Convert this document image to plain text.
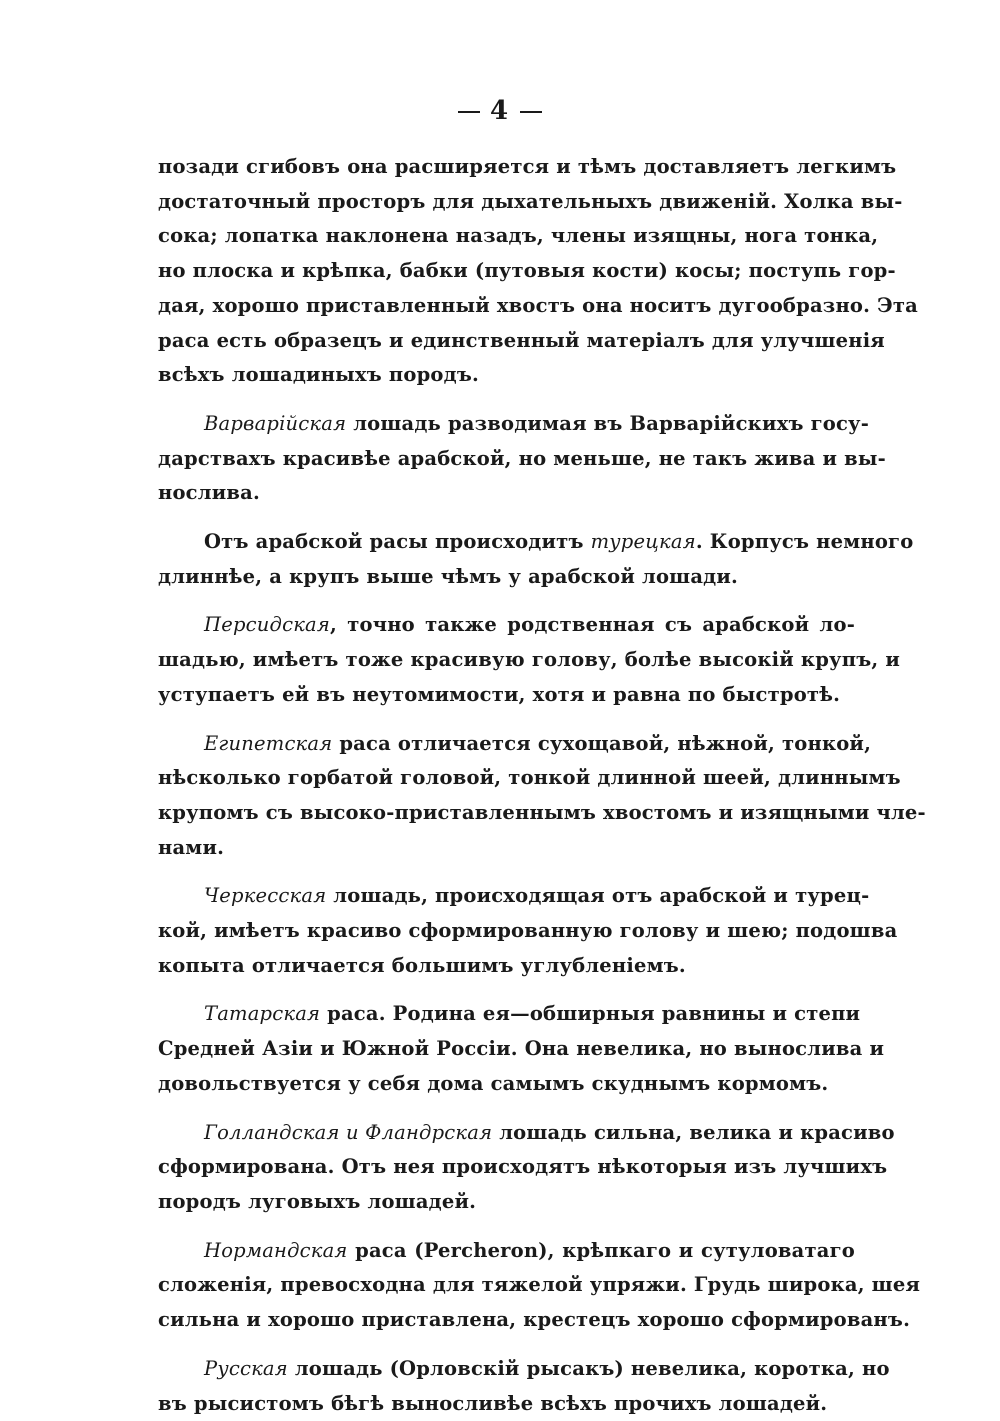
4
позади сгибовъ она расширяется и тѣмъ доставляетъ легкимъ
достаточный просторъ для дыхательныхъ движеній. Холка вы-
сока; лопатка наклонена назадъ, члены изящны, нога тонка,
но плоска и крѣпка, бабки (путовыя кости) косы; поступь гор-
дая, хорошо приставленный хвостъ она носитъ дугообразно. Эта
раса есть образецъ и единственный матеріалъ для улучшенія
всѣхъ лошадиныхъ породъ.
Варварійская лошадь разводимая въ Варварійскихъ госу-
дарствахъ красивѣе арабской, но меньше, не такъ жива и вы-
нослива.
Отъ арабской расы происходитъ турецкая. Корпусъ немного
длиннѣе, а крупъ выше чѣмъ у арабской лошади.
Персидская, точно также родственная съ арабской ло-
шадью, имѣетъ тоже красивую голову, болѣе высокій крупъ, и
уступаетъ ей въ неутомимости, хотя и равна по быстротѣ.
Египетская раса отличается сухощавой, нѣжной, тонкой,
нѣсколько горбатой головой, тонкой длинной шеей, длиннымъ
крупомъ съ высоко-приставленнымъ хвостомъ и изящными чле-
нами.
Черкесская лошадь, происходящая отъ арабской и турец-
кой, имѣетъ красиво сформированную голову и шею; подошва
копыта отличается большимъ углубленіемъ.
Татарская раса. Родина ея—обширныя равнины и степи
Средней Азіи и Южной Россіи. Она невелика, но вынослива и
довольствуется у себя дома самымъ скуднымъ кормомъ.
Голландская и Фландрская лошадь сильна, велика и красиво
сформирована. Отъ нея происходятъ нѣкоторыя изъ лучшихъ
породъ луговыхъ лошадей.
Нормандская раса (Percheron), крѣпкаго и сутуловатаго
сложенія, превосходна для тяжелой упряжи. Грудь широка, шея
сильна и хорошо приставлена, крестецъ хорошо сформированъ.
Русская лошадь (Орловскій рысакъ) невелика, коротка, но
въ рысистомъ бѣгѣ выносливѣе всѣхъ прочихъ лошадей.
